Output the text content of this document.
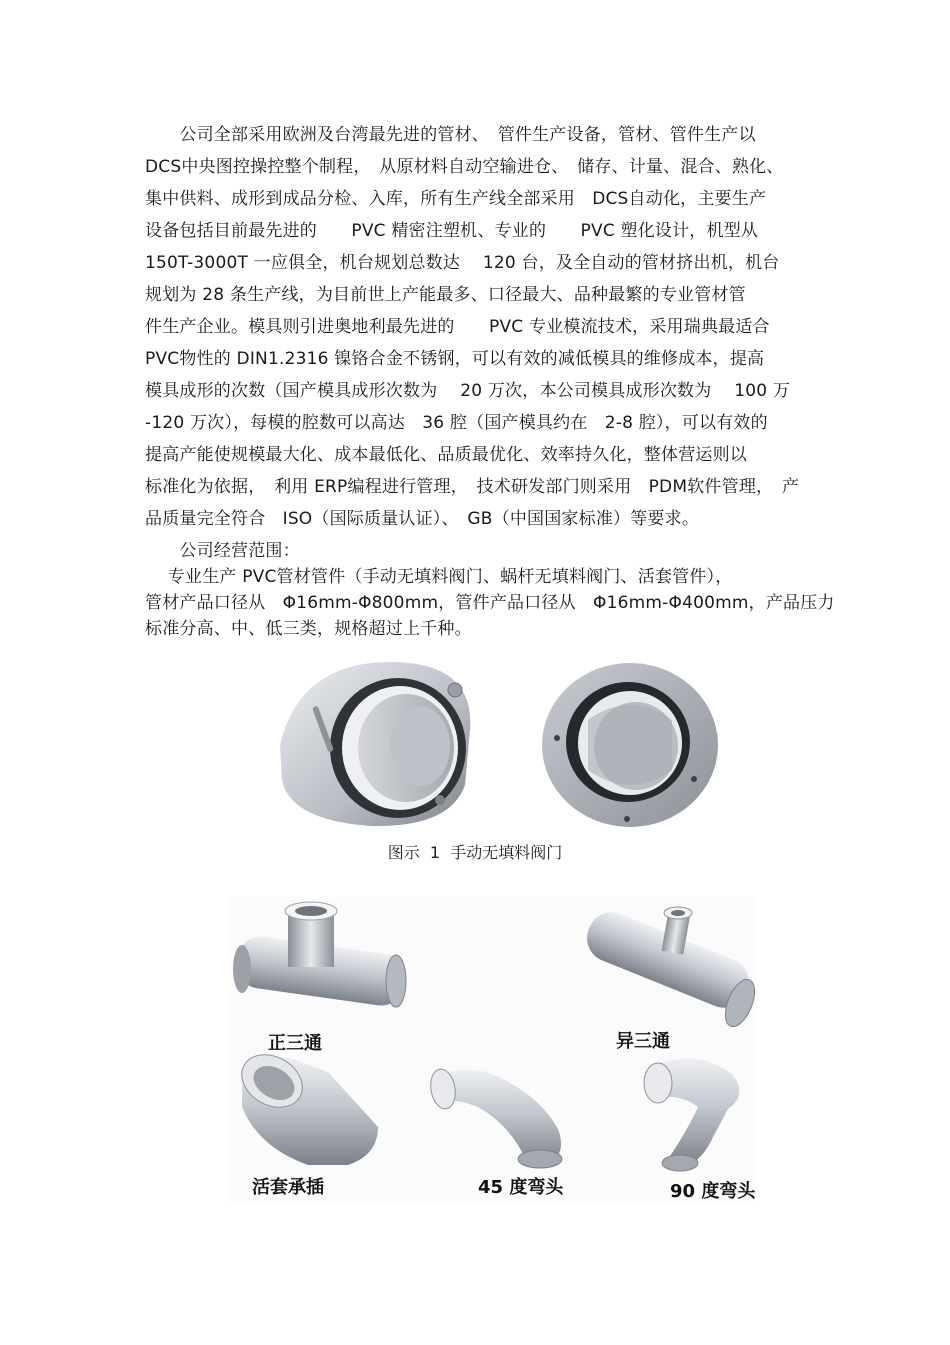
　　公司全部采用欧洲及台湾最先进的管材、　管件生产设备，管材、管件生产以
DCS中央图控操控整个制程，　从原材料自动空输进仓、　储存、计量、混合、熟化、
集中供料、成形到成品分检、入库，所有生产线全部采用　DCS自动化，主要生产
设备包括目前最先进的　　PVC 精密注塑机、专业的　　PVC 塑化设计，机型从
150T-3000T 一应俱全，机台规划总数达　 120 台，及全自动的管材挤出机，机台
规划为 28 条生产线，为目前世上产能最多、口径最大、品种最繁的专业管材管
件生产企业。模具则引进奥地利最先进的　　PVC 专业模流技术，采用瑞典最适合
PVC物性的 DIN1.2316 镍铬合金不锈钢，可以有效的减低模具的维修成本，提高
模具成形的次数（国产模具成形次数为　 20 万次，本公司模具成形次数为　 100 万
-120 万次），每模的腔数可以高达　36 腔（国产模具约在　2-8 腔），可以有效的
提高产能使规模最大化、成本最低化、品质最优化、效率持久化，整体营运则以
标准化为依据，　利用 ERP编程进行管理，　技术研发部门则采用　PDM软件管理，　产
品质量完全符合　ISO（国际质量认证）、　GB（中国国家标准）等要求。
　　公司经营范围：
　 专业生产 PVC管材管件（手动无填料阀门、蜗杆无填料阀门、活套管件），
管材产品口径从　Φ16mm-Φ800mm，管件产品口径从　Φ16mm-Φ400mm，产品压力
标准分高、中、低三类，规格超过上千种。
图示  1  手动无填料阀门
正三通	异三通
活套承插	45 度弯头	90 度弯头
